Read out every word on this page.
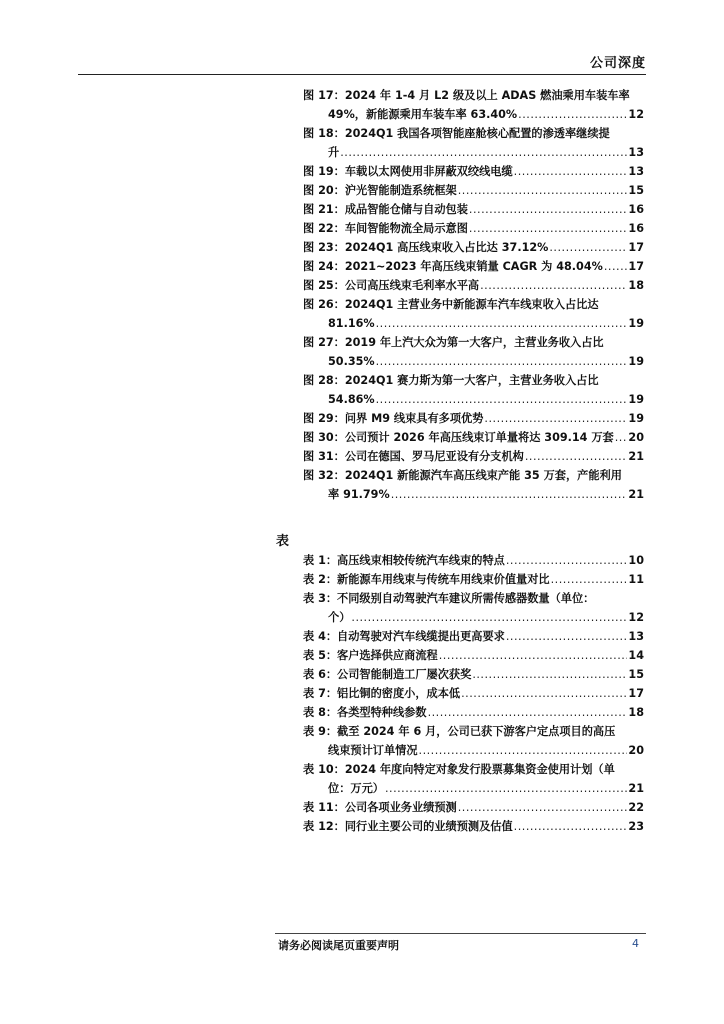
公司深度
图 17：2024 年 1-4 月 L2 级及以上 ADAS 燃油乘用车装车率
49%，新能源乘用车装车率 63.40% .....	12
图 18：2024Q1 我国各项智能座舱核心配置的渗透率继续提
升 .....	13
图 19：车载以太网使用非屏蔽双绞线电缆 .....	13
图 20：沪光智能制造系统框架 .....	15
图 21：成品智能仓储与自动包装 .....	16
图 22：车间智能物流全局示意图 .....	16
图 23：2024Q1 高压线束收入占比达 37.12% .....	17
图 24：2021~2023 年高压线束销量 CAGR 为 48.04% ..... 17
图 25：公司高压线束毛利率水平高 .....	18
图 26：2024Q1 主营业务中新能源车汽车线束收入占比达
81.16% .....	19
图 27：2019 年上汽大众为第一大客户，主营业务收入占比
50.35% .....	19
图 28：2024Q1 赛力斯为第一大客户，主营业务收入占比
54.86% .....	19
图 29：问界 M9 线束具有多项优势 .....	19
图 30：公司预计 2026 年高压线束订单量将达 309.14 万套 ..... 20
图 31：公司在德国、罗马尼亚设有分支机构 .....	21
图 32：2024Q1 新能源汽车高压线束产能 35 万套，产能利用
率 91.79% .....	21
表
表 1：高压线束相较传统汽车线束的特点 .....	10
表 2：新能源车用线束与传统车用线束价值量对比 .....	11
表 3：不同级别自动驾驶汽车建议所需传感器数量（单位：
个） .....	12
表 4：自动驾驶对汽车线缆提出更高要求 .....	13
表 5：客户选择供应商流程 .....	14
表 6：公司智能制造工厂屡次获奖 .....	15
表 7：铝比铜的密度小，成本低 .....	17
表 8：各类型特种线参数 .....	18
表 9：截至 2024 年 6 月，公司已获下游客户定点项目的高压
线束预计订单情况 .....	20
表 10：2024 年度向特定对象发行股票募集资金使用计划（单
位：万元） .....	21
表 11：公司各项业务业绩预测 .....	22
表 12：同行业主要公司的业绩预测及估值 .....	23
请务必阅读尾页重要声明	4
